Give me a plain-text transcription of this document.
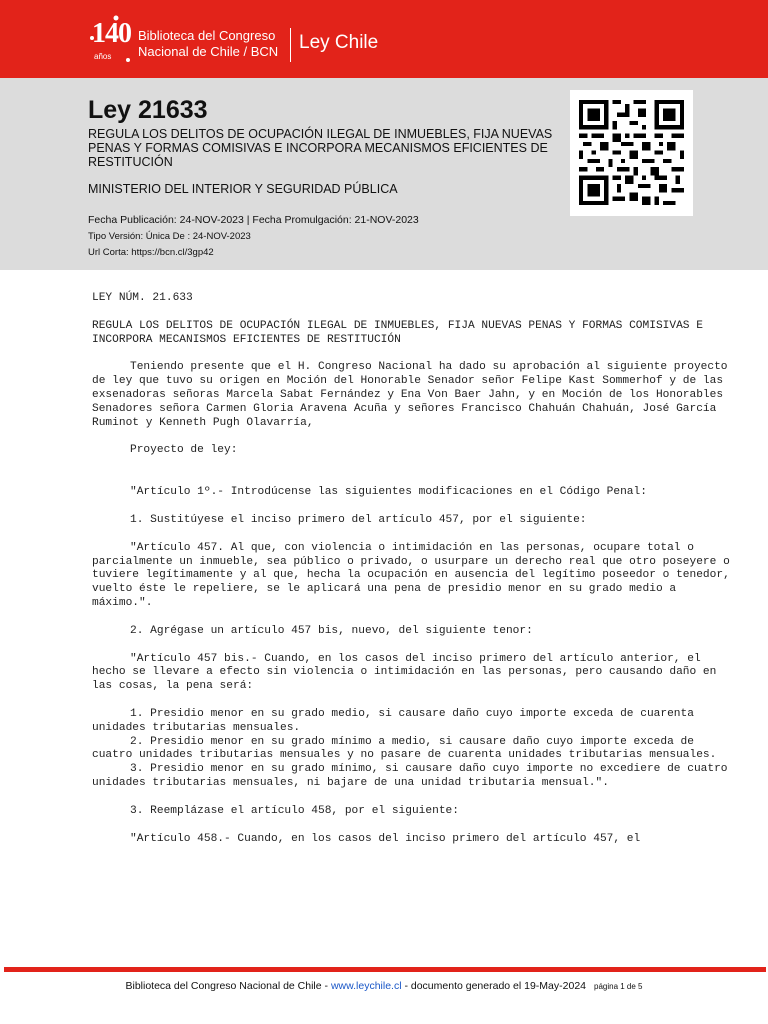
140
años
Biblioteca del Congreso
Nacional de Chile / BCN Ley Chile
Ley 21633
REGULA LOS DELITOS DE OCUPACIÓN ILEGAL DE INMUEBLES, FIJA NUEVAS PENAS Y FORMAS COMISIVAS E INCORPORA MECANISMOS EFICIENTES DE RESTITUCIÓN
MINISTERIO DEL INTERIOR Y SEGURIDAD PÚBLICA
Fecha Publicación: 24-NOV-2023 | Fecha Promulgación: 21-NOV-2023
Tipo Versión: Única De : 24-NOV-2023
Url Corta: https://bcn.cl/3gp42

LEY NÚM. 21.633

REGULA LOS DELITOS DE OCUPACIÓN ILEGAL DE INMUEBLES, FIJA NUEVAS PENAS Y FORMAS COMISIVAS E INCORPORA MECANISMOS EFICIENTES DE RESTITUCIÓN

Teniendo presente que el H. Congreso Nacional ha dado su aprobación al siguiente proyecto de ley que tuvo su origen en Moción del Honorable Senador señor Felipe Kast Sommerhof y de las exsenadoras señoras Marcela Sabat Fernández y Ena Von Baer Jahn, y en Moción de los Honorables Senadores señora Carmen Gloria Aravena Acuña y señores Francisco Chahuán Chahuán, José García Ruminot y Kenneth Pugh Olavarría,

Proyecto de ley:

"Artículo 1º.- Introdúcense las siguientes modificaciones en el Código Penal:

1. Sustitúyese el inciso primero del artículo 457, por el siguiente:

"Artículo 457. Al que, con violencia o intimidación en las personas, ocupare total o parcialmente un inmueble, sea público o privado, o usurpare un derecho real que otro poseyere o tuviere legítimamente y al que, hecha la ocupación en ausencia del legítimo poseedor o tenedor, vuelto éste le repeliere, se le aplicará una pena de presidio menor en su grado medio a máximo.".

2. Agrégase un artículo 457 bis, nuevo, del siguiente tenor:

"Artículo 457 bis.- Cuando, en los casos del inciso primero del artículo anterior, el hecho se llevare a efecto sin violencia o intimidación en las personas, pero causando daño en las cosas, la pena será:

1. Presidio menor en su grado medio, si causare daño cuyo importe exceda de cuarenta unidades tributarias mensuales.

2. Presidio menor en su grado mínimo a medio, si causare daño cuyo importe exceda de cuatro unidades tributarias mensuales y no pasare de cuarenta unidades tributarias mensuales.

3. Presidio menor en su grado mínimo, si causare daño cuyo importe no excediere de cuatro unidades tributarias mensuales, ni bajare de una unidad tributaria mensual.".

3. Reemplázase el artículo 458, por el siguiente:

"Artículo 458.- Cuando, en los casos del inciso primero del artículo 457, el

Biblioteca del Congreso Nacional de Chile - www.leychile.cl - documento generado el 19-May-2024 página 1 de 5
